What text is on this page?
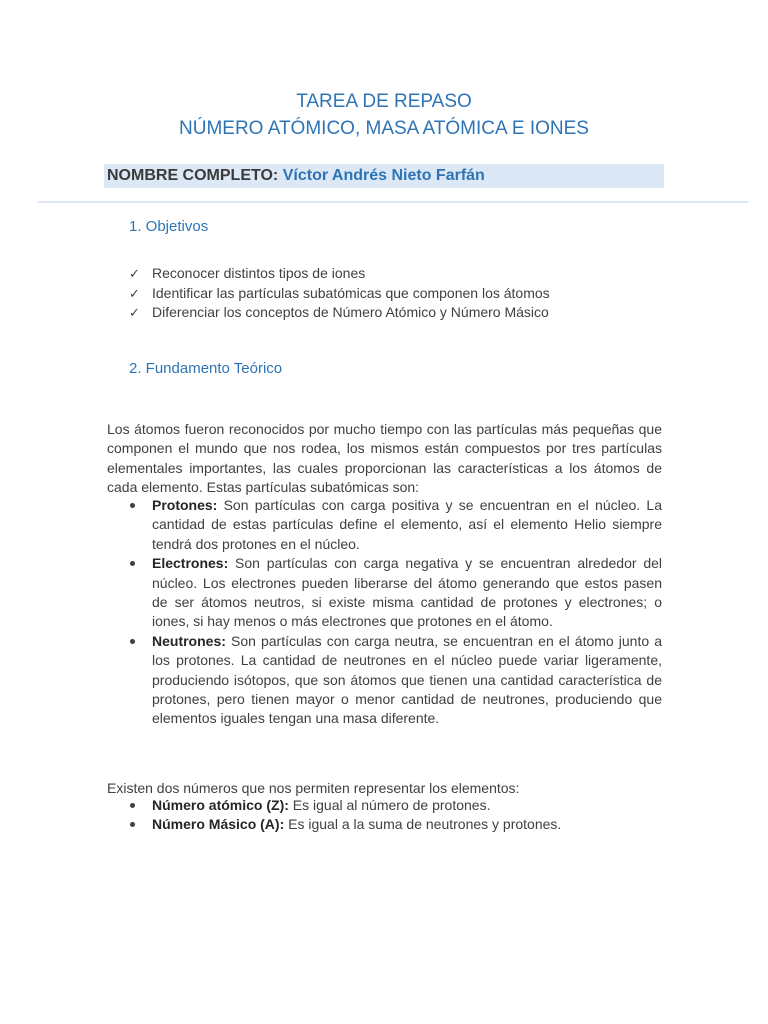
TAREA DE REPASO
NÚMERO ATÓMICO, MASA ATÓMICA E IONES
NOMBRE COMPLETO: Víctor Andrés Nieto Farfán
1. Objetivos
✓ Reconocer distintos tipos de iones
✓ Identificar las partículas subatómicas que componen los átomos
✓ Diferenciar los conceptos de Número Atómico y Número Másico
2. Fundamento Teórico

Los átomos fueron reconocidos por mucho tiempo con las partículas más pequeñas que componen el mundo que nos rodea, los mismos están compuestos por tres partículas elementales importantes, las cuales proporcionan las características a los átomos de cada elemento. Estas partículas subatómicas son:

Protones: Son partículas con carga positiva y se encuentran en el núcleo. La cantidad de estas partículas define el elemento, así el elemento Helio siempre tendrá dos protones en el núcleo.
Electrones: Son partículas con carga negativa y se encuentran alrededor del núcleo. Los electrones pueden liberarse del átomo generando que estos pasen de ser átomos neutros, si existe misma cantidad de protones y electrones; o iones, si hay menos o más electrones que protones en el átomo.
Neutrones: Son partículas con carga neutra, se encuentran en el átomo junto a los protones. La cantidad de neutrones en el núcleo puede variar ligeramente, produciendo isótopos, que son átomos que tienen una cantidad característica de protones, pero tienen mayor o menor cantidad de neutrones, produciendo que elementos iguales tengan una masa diferente.

Existen dos números que nos permiten representar los elementos:

Número atómico (Z): Es igual al número de protones.
Número Másico (A): Es igual a la suma de neutrones y protones.
